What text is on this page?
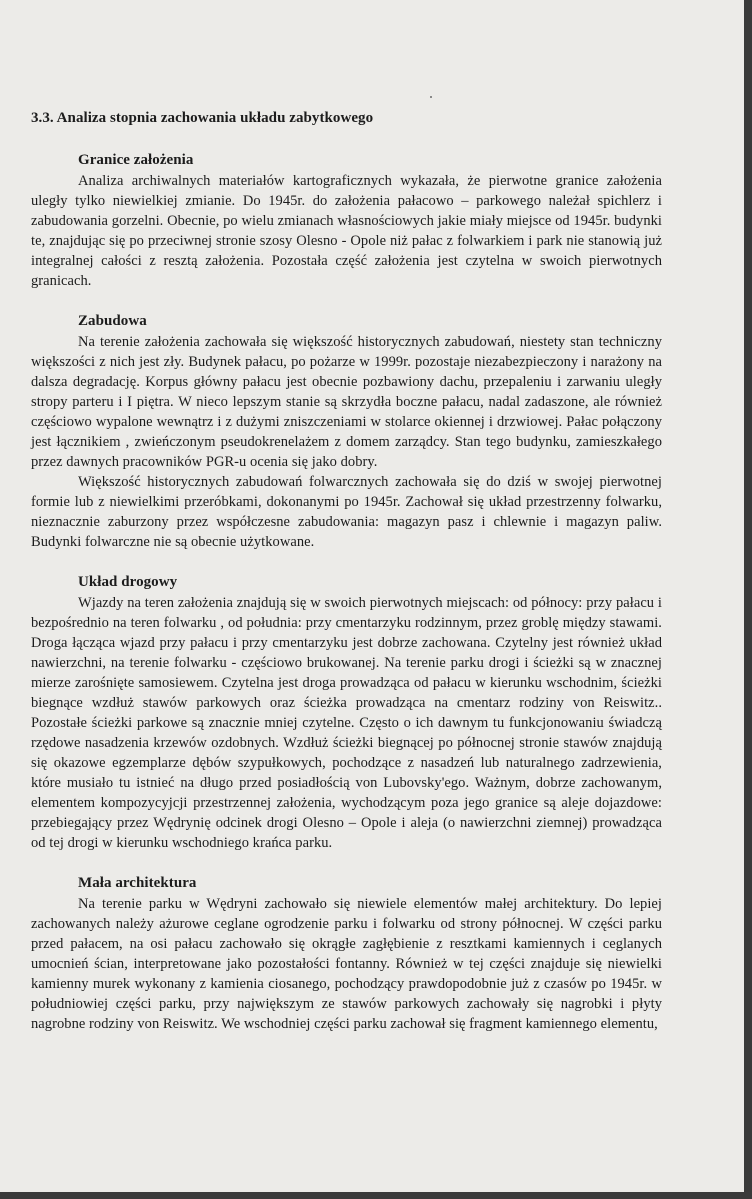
3.3. Analiza stopnia zachowania układu zabytkowego
Granice założenia

Analiza archiwalnych materiałów kartograficznych wykazała, że pierwotne granice założenia uległy tylko niewielkiej zmianie. Do 1945r. do założenia pałacowo – parkowego należał spichlerz i zabudowania gorzelni. Obecnie, po wielu zmianach własnościowych jakie miały miejsce od 1945r. budynki te, znajdując się po przeciwnej stronie szosy Olesno - Opole niż pałac z folwarkiem i park nie stanowią już integralnej całości z resztą założenia. Pozostała część założenia jest czytelna w swoich pierwotnych granicach.

Zabudowa

Na terenie założenia zachowała się większość historycznych zabudowań, niestety stan techniczny większości z nich jest zły. Budynek pałacu, po pożarze w 1999r. pozostaje niezabezpieczony i narażony na dalsza degradację. Korpus główny pałacu jest obecnie pozbawiony dachu, przepaleniu i zarwaniu uległy stropy parteru i I piętra. W nieco lepszym stanie są skrzydła boczne pałacu, nadal zadaszone, ale również częściowo wypalone wewnątrz i z dużymi zniszczeniami w stolarce okiennej i drzwiowej. Pałac połączony jest łącznikiem , zwieńczonym pseudokrenelażem z domem zarządcy. Stan tego budynku, zamieszkałego przez dawnych pracowników PGR-u ocenia się jako dobry.

Większość historycznych zabudowań folwarcznych zachowała się do dziś w swojej pierwotnej formie lub z niewielkimi przeróbkami, dokonanymi po 1945r. Zachował się układ przestrzenny folwarku, nieznacznie zaburzony przez współczesne zabudowania: magazyn pasz i chlewnie i magazyn paliw. Budynki folwarczne nie są obecnie użytkowane.

Układ drogowy

Wjazdy na teren założenia znajdują się w swoich pierwotnych miejscach: od północy: przy pałacu i bezpośrednio na teren folwarku , od południa: przy cmentarzyku rodzinnym, przez groblę między stawami. Droga łącząca wjazd przy pałacu i przy cmentarzyku jest dobrze zachowana. Czytelny jest również układ nawierzchni, na terenie folwarku - częściowo brukowanej. Na terenie parku drogi i ścieżki są w znacznej mierze zarośnięte samosiewem. Czytelna jest droga prowadząca od pałacu w kierunku wschodnim, ścieżki biegnące wzdłuż stawów parkowych oraz ścieżka prowadząca na cmentarz rodziny von Reiswitz.. Pozostałe ścieżki parkowe są znacznie mniej czytelne. Często o ich dawnym tu funkcjonowaniu świadczą rzędowe nasadzenia krzewów ozdobnych. Wzdłuż ścieżki biegnącej po północnej stronie stawów znajdują się okazowe egzemplarze dębów szypułkowych, pochodzące z nasadzeń lub naturalnego zadrzewienia, które musiało tu istnieć na długo przed posiadłością von Lubovsky'ego. Ważnym, dobrze zachowanym, elementem kompozycyjcji przestrzennej założenia, wychodzącym poza jego granice są aleje dojazdowe: przebiegający przez Wędrynię odcinek drogi Olesno – Opole i aleja (o nawierzchni ziemnej) prowadząca od tej drogi w kierunku wschodniego krańca parku.

Mała architektura

Na terenie parku w Wędryni zachowało się niewiele elementów małej architektury. Do lepiej zachowanych należy ażurowe ceglane ogrodzenie parku i folwarku od strony północnej. W części parku przed pałacem, na osi pałacu zachowało się okrągłe zagłębienie z resztkami kamiennych i ceglanych umocnień ścian, interpretowane jako pozostałości fontanny. Również w tej części znajduje się niewielki kamienny murek wykonany z kamienia ciosanego, pochodzący prawdopodobnie już z czasów po 1945r. w południowiej części parku, przy największym ze stawów parkowych zachowały się nagrobki i płyty nagrobne rodziny von Reiswitz. We wschodniej części parku zachował się fragment kamiennego elementu,
